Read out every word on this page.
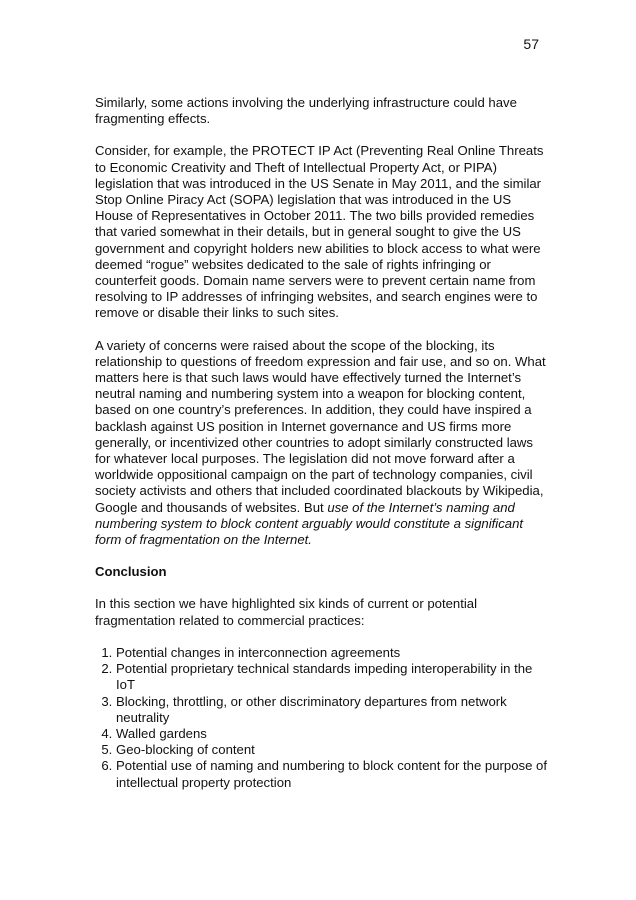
57

Similarly, some actions involving the underlying infrastructure could have fragmenting effects.

Consider, for example, the PROTECT IP Act (Preventing Real Online Threats to Economic Creativity and Theft of Intellectual Property Act, or PIPA) legislation that was introduced in the US Senate in May 2011, and the similar Stop Online Piracy Act (SOPA) legislation that was introduced in the US House of Representatives in October 2011. The two bills provided remedies that varied somewhat in their details, but in general sought to give the US government and copyright holders new abilities to block access to what were deemed “rogue” websites dedicated to the sale of rights infringing or counterfeit goods. Domain name servers were to prevent certain name from resolving to IP addresses of infringing websites, and search engines were to remove or disable their links to such sites.

A variety of concerns were raised about the scope of the blocking, its relationship to questions of freedom expression and fair use, and so on. What matters here is that such laws would have effectively turned the Internet’s neutral naming and numbering system into a weapon for blocking content, based on one country’s preferences. In addition, they could have inspired a backlash against US position in Internet governance and US firms more generally, or incentivized other countries to adopt similarly constructed laws for whatever local purposes. The legislation did not move forward after a worldwide oppositional campaign on the part of technology companies, civil society activists and others that included coordinated blackouts by Wikipedia, Google and thousands of websites. But use of the Internet’s naming and numbering system to block content arguably would constitute a significant form of fragmentation on the Internet.

Conclusion

In this section we have highlighted six kinds of current or potential fragmentation related to commercial practices:

1. Potential changes in interconnection agreements
2. Potential proprietary technical standards impeding interoperability in the IoT
3. Blocking, throttling, or other discriminatory departures from network neutrality
4. Walled gardens
5. Geo-blocking of content
6. Potential use of naming and numbering to block content for the purpose of intellectual property protection
